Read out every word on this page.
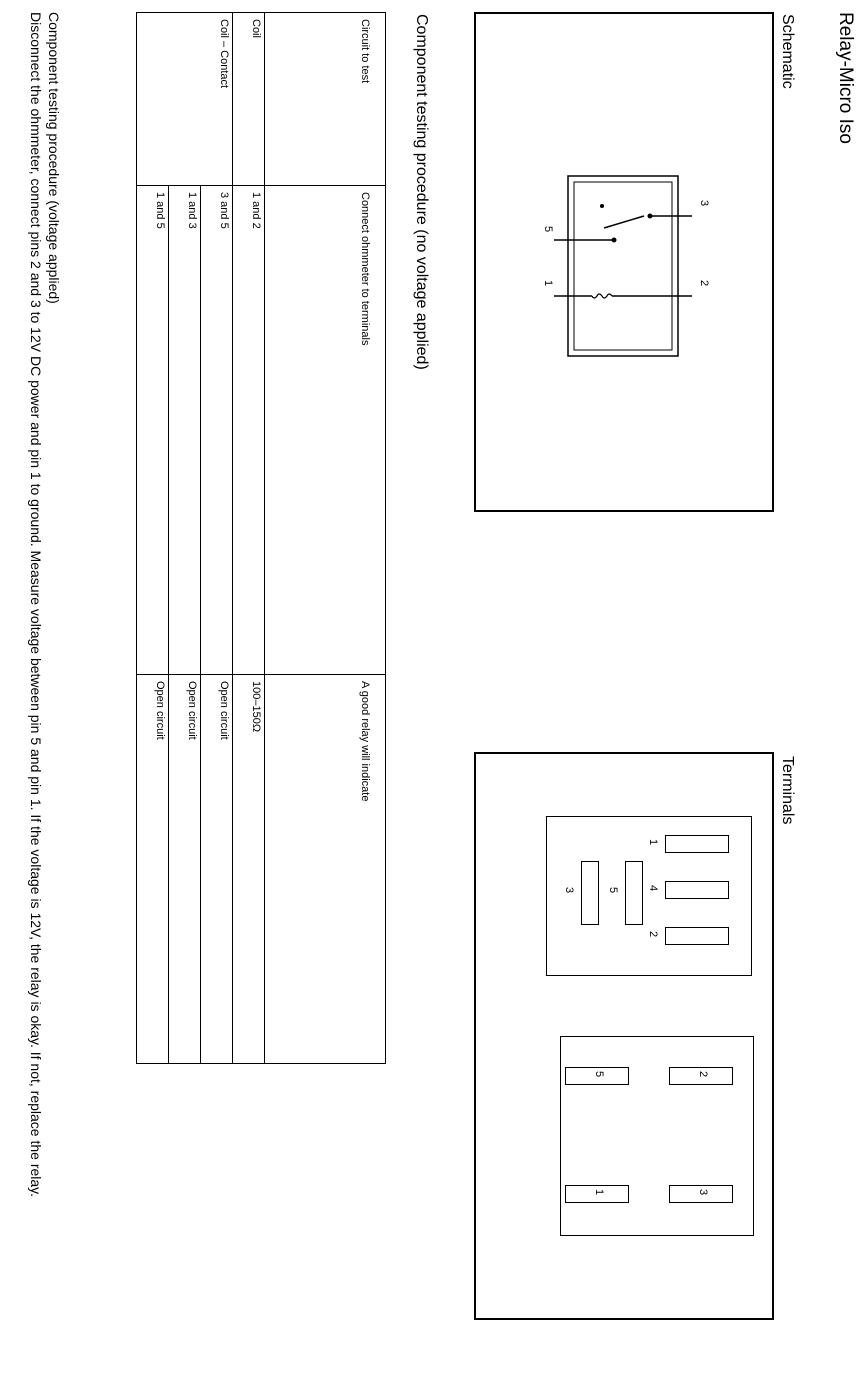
Relay-Micro Iso
Schematic
3
2
5
1
Terminals
1
4
2
5
3
2
5
3
1
Component testing procedure (no voltage applied)
Circuit to test	Connect ohmmeter to terminals	A good relay will indicate
Coil	1 and 2	100–150Ω
Coil – Contact	3 and 5	Open circuit
	1 and 3	Open circuit
	1 and 5	Open circuit
Component testing procedure (voltage applied)
Disconnect the ohmmeter, connect pins 2 and 3 to 12V DC power and pin 1 to ground. Measure voltage between pin 5 and pin 1. If the voltage is 12V, the relay is okay. If not, replace the relay.
